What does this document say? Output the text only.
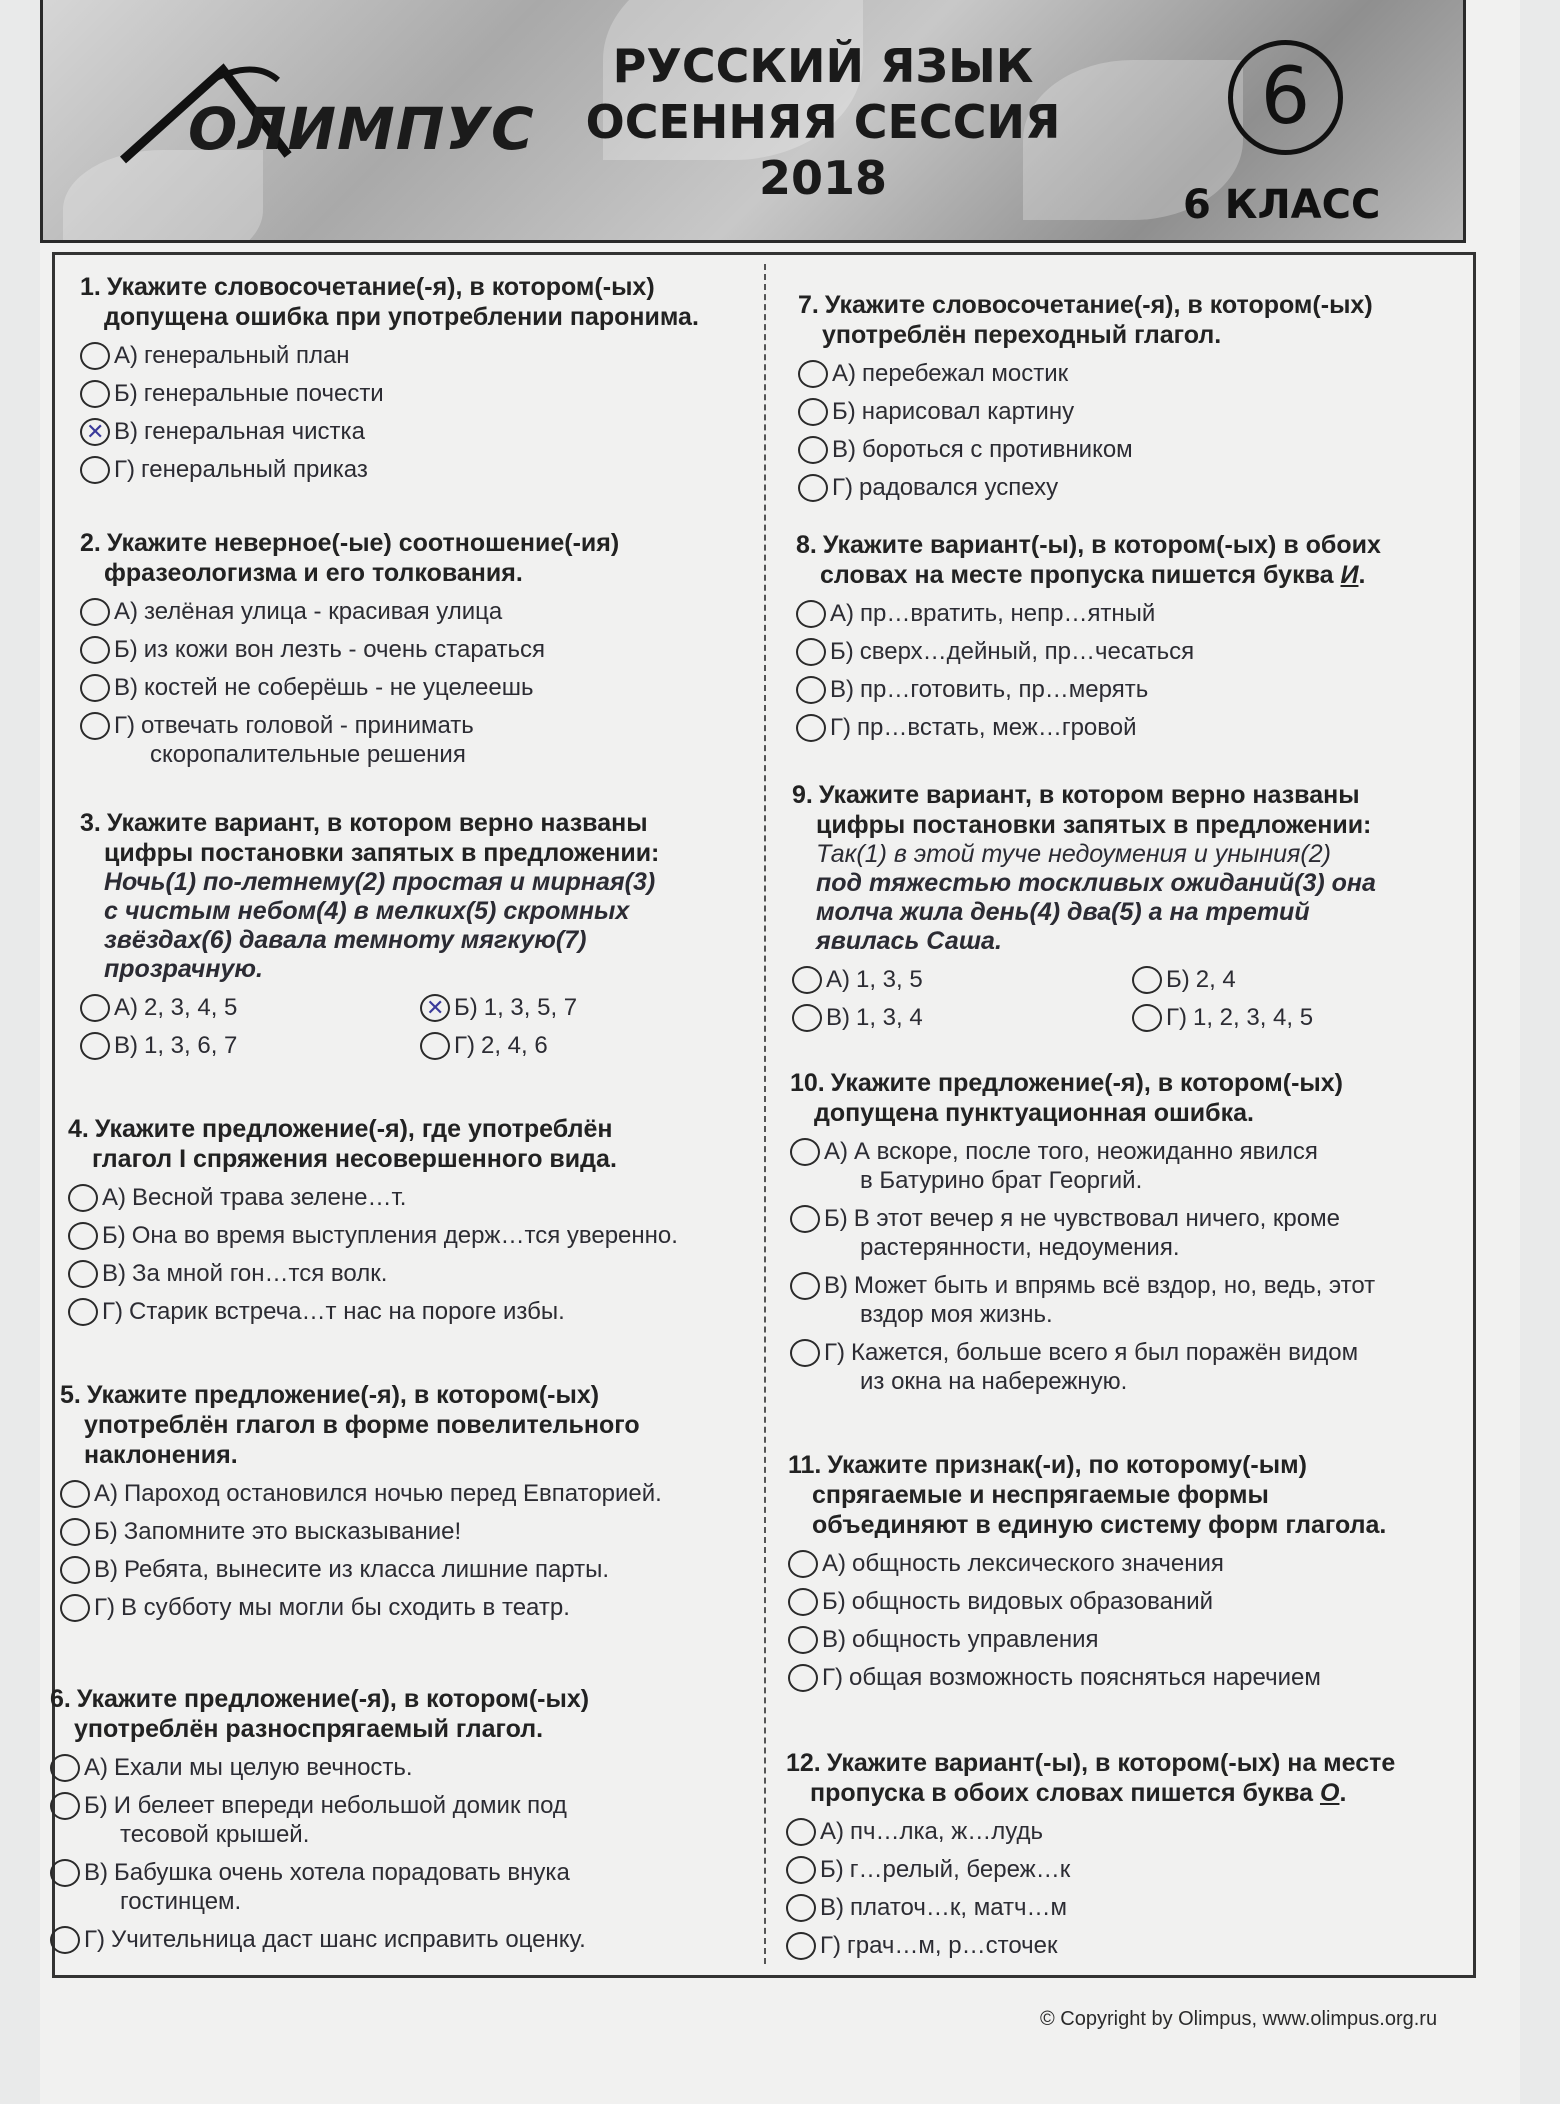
ОЛИМПУС
РУССКИЙ ЯЗЫК
ОСЕННЯЯ СЕССИЯ
2018
6
6 КЛАСС
1. Укажите словосочетание(-я), в котором(-ых)
допущена ошибка при употреблении паронима.
А) генеральный план
Б) генеральные почести
✕
В) генеральная чистка
Г) генеральный приказ
2. Укажите неверное(-ые) соотношение(-ия)
фразеологизма и его толкования.
А) зелёная улица - красивая улица
Б) из кожи вон лезть - очень стараться
В) костей не соберёшь - не уцелеешь
Г) отвечать головой - принимать
скоропалительные решения
3. Укажите вариант, в котором верно названы
цифры постановки запятых в предложении:
Ночь(1) по-летнему(2) простая и мирная(3)
с чистым небом(4) в мелких(5) скромных
звёздах(6) давала темноту мягкую(7)
прозрачную.
А) 2, 3, 4, 5 ✕	Б) 1, 3, 5, 7
В) 1, 3, 6, 7	Г) 2, 4, 6
4. Укажите предложение(-я), где употреблён
глагол I спряжения несовершенного вида.
А) Весной трава зелене…т.
Б) Она во время выступления держ…тся уверенно.
В) За мной гон…тся волк.
Г) Старик встреча…т нас на пороге избы.
5. Укажите предложение(-я), в котором(-ых)
употреблён глагол в форме повелительного
наклонения.
А) Пароход остановился ночью перед Евпаторией.
Б) Запомните это высказывание!
В) Ребята, вынесите из класса лишние парты.
Г) В субботу мы могли бы сходить в театр.
6. Укажите предложение(-я), в котором(-ых)
употреблён разноспрягаемый глагол.
А) Ехали мы целую вечность.
Б) И белеет впереди небольшой домик под
тесовой крышей.
В) Бабушка очень хотела порадовать внука
гостинцем.
Г) Учительница даст шанс исправить оценку.
7. Укажите словосочетание(-я), в котором(-ых)
употреблён переходный глагол.
А) перебежал мостик
Б) нарисовал картину
В) бороться с противником
Г) радовался успеху
8. Укажите вариант(-ы), в котором(-ых) в обоих
словах на месте пропуска пишется буква И.
А) пр…вратить, непр…ятный
Б) сверх…дейный, пр…чесаться
В) пр…готовить, пр…мерять
Г) пр…встать, меж…гровой
9. Укажите вариант, в котором верно названы
цифры постановки запятых в предложении:
Так(1) в этой туче недоумения и уныния(2)
под тяжестью тоскливых ожиданий(3) она
молча жила день(4) два(5) а на третий
явилась Саша.
А) 1, 3, 5	Б) 2, 4
В) 1, 3, 4	Г) 1, 2, 3, 4, 5
10. Укажите предложение(-я), в котором(-ых)
допущена пунктуационная ошибка.
А) А вскоре, после того, неожиданно явился
в Батурино брат Георгий.
Б) В этот вечер я не чувствовал ничего, кроме
растерянности, недоумения.
В) Может быть и впрямь всё вздор, но, ведь, этот
вздор моя жизнь.
Г) Кажется, больше всего я был поражён видом
из окна на набережную.
11. Укажите признак(-и), по которому(-ым)
спрягаемые и неспрягаемые формы
объединяют в единую систему форм глагола.
А) общность лексического значения
Б) общность видовых образований
В) общность управления
Г) общая возможность поясняться наречием
12. Укажите вариант(-ы), в котором(-ых) на месте
пропуска в обоих словах пишется буква О.
А) пч…лка, ж…лудь
Б) г…релый, береж…к
В) платоч…к, матч…м
Г) грач…м, р…сточек
© Copyright by Olimpus, www.olimpus.org.ru
